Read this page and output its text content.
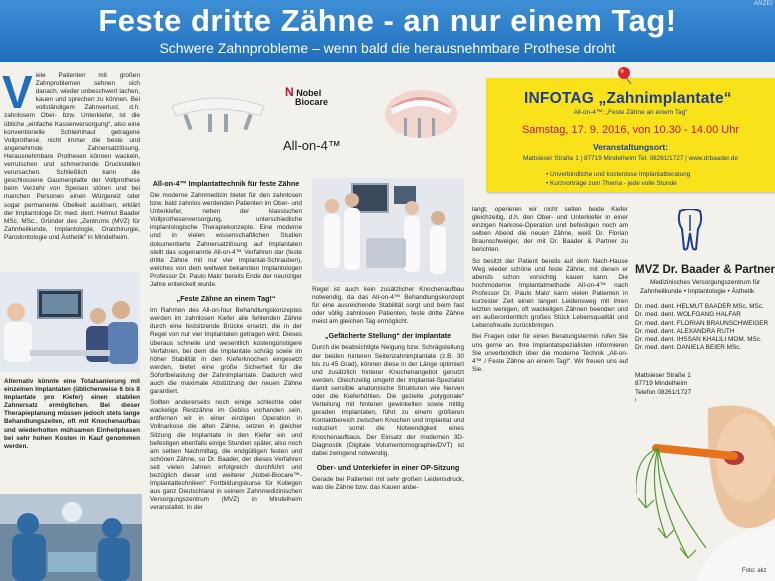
ANZEI
Feste dritte Zähne - an nur einem Tag!
Schwere Zahnprobleme – wenn bald die herausnehmbare Prothese droht
V iele Patienten mit großen Zahnproblemen sehnen sich danach, wieder unbeschwert lachen, kauen und sprechen zu können. Bei vollständigem Zahnverlust, d.h. zahnlosem Ober- bzw. Unterkiefer, ist die übliche „einfache Kassenversorgung“, also eine konventionelle Schleimhaut getragene Vollprothese, nicht immer die beste und angenehmste Zahnersatzlösung. Herausnehmbare Prothesen können wackeln, verrutschen und schmerzende Druckstellen verursachen. Schließlich kann die geschlossene Gaumenplatte der Vollprothese beim Verzehr von Speisen stören und bei manchen Personen einen Würgereiz oder sogar permanente Übelkeit auslösen, erklärt der Implantologe Dr. med. dent. Helmut Baader MSc. MSc., Gründer des „Zentrums (MVZ) für Zahnheilkunde, Implantologie, Oralchirurgie, Parodontologie und Ästhetik“ in Mindelheim.
Alternativ könnte eine Totalsanierung mit einzelnen Implantaten (üblicherweise 6 bis 8 Implantate pro Kiefer) einen stabilen Zahnersatz ermöglichen. Bei dieser Therapieplanung müssen jedoch stets lange Behandlungszeiten, oft mit Knochenaufbau und wiederholten mühsamen Einheilphasen bei sehr hohen Kosten in Kauf genommen werden.
N Nobel
Biocare
All-on-4™
All-on-4™ Implantattechnik für feste Zähne

Die moderne Zahnmedizin bietet für den zahnlosen bzw. bald zahnlos werdenden Patienten im Ober- und Unterkiefer, neben der klassischen Vollprothesenversorgung, unterschiedliche implantologische Therapiekonzepte. Eine moderne und in vielen wissenschaftlichen Studien dokumentierte Zahnersatzlösung auf Implantaten stellt das sogenannte All-on-4™ Verfahren dar (feste dritte Zähne mit nur vier Implantat-Schrauben), welches von dem weltweit bekannten Implantologen Professor Dr. Paulo Malo' bereits Ende der neunziger Jahre entwickelt wurde.

„Feste Zähne an einem Tag!“

Im Rahmen des All-on-four Behandlungskonzeptes werden im zahnlosen Kiefer alle fehlenden Zähne durch eine festsitzende Brücke ersetzt, die in der Regel von nur vier Implantaten getragen wird. Dieses überaus schnelle und wesentlich kostengünstigere Verfahren, bei dem die Implantate schräg sowie im höher Stabilität in den Kieferknochen eingesetzt werden, bietet eine große Sicherheit für die Sofortbelastung der Zahnimplantate. Dadurch wird auch die maximale Abstützung der neuen Zähne garantiert.

Sollten andererseits noch einige schlechte oder wackelige Restzähne im Gebiss vorhanden sein, entfernen wir in einer einzigen Operation in Vollnarkose die alten Zähne, setzen in gleicher Sitzung die Implantate in den Kiefer ein und befestigen ebenfalls einige Stunden später, also noch am selben Nachmittag, die endgültigen festen und schönen Zähne, so Dr. Baader, der dieses Verfahren seit vielen Jahren erfolgreich durchführt und bezüglich dieser und weiterer „Nobel-Biocare™-Implantattechniken“ Fortbildungskurse für Kollegen aus ganz Deutschland in seinem Zahnmedizinischen Versorgungszentrum (MVZ) in Mindelheim veranstaltet. In der

Regel ist auch kein zusätzlicher Knochenaufbau notwendig, da das All-on-4™ Behandlungskonzept für eine ausreichende Stabilität sorgt und beim fast oder völlig zahnlosen Patienten, feste dritte Zähne meist am gleichen Tag ermöglicht.

„Gefächerte Stellung“ der Implantate

Durch die beabsichtigte Neigung bzw. Schrägstellung der beiden hinteren Seitenzahnimplantate (z.B. 30 bis zu 45 Grad), können diese in der Länge optimiert und zusätzlich hinterer Knochenangebot genutzt werden. Gleichzeitig umgeht der Implantat-Spezialist damit sensible anatomische Strukturen wie Nerven oder die Kieferhöhlen. Die gezielte „polygonale“ Verteilung mit hinteren gewinkelten sowie mittig geraden Implantaten, führt zu einem größeren Kontaktbereich zwischen Knochen und Implantat und reduziert somit die Notwendigkeit eines Knochenaufbaus. Der Einsatz der modernen 3D-Diagnostik (Digitale Volumentomographie/DVT) ist dabei zwingend notwendig.

Ober- und Unterkiefer in einer OP-Sitzung

Gerade bei Patienten mit sehr großen Leidensdruck, was die Zähne bzw. das Kauen anbe-

langt, operieren wir nicht selten beide Kiefer gleichzeitig, d.h. den Ober- und Unterkiefer in einer einzigen Narkose-Operation und befestigen noch am selben Abend die neuen Zähne, weiß Dr. Florian Braunschweiger, der mit Dr. Baader & Partner zu berichten.

So besitzt der Patient bereits auf dem Nach-Hause Weg wieder schöne und feste Zähne, mit denen er abends schon vorsichtig kauen kann. Die hochmoderne Implantatmethode All-on-4™ nach Professor Dr. Paulo Malo' kann vielen Patienten in kurzester Zeit einen langen Leidensweg mit ihren letzten wenigen, oft wackeligen Zähnen beenden und ein außerordentlich großes Stück Lebensqualität und Lebensfreude zurückbringen.

Bei Fragen oder für einen Beratungstermin rufen Sie uns gerne an. Ihre Implantatspezialisten informieren Sie unverbindlich über die moderne Technik „All-on-4™ / Feste Zähne an einem Tag!“. Wir freuen uns auf Sie.

INFOTAG „Zahnimplantate“
All-on-4™: „Feste Zähne an einem Tag“
Samstag, 17. 9. 2016, von 10.30 - 14.00 Uhr
Veranstaltungsort:
Mattsieser Straße 1 | 87719 Mindelheim Tel. 08261/1727 | www.drbaader.de
• Unverbindliche und kostenlose Implantatberatung
• Kurzvorträge zum Thema - jede volle Stunde
MVZ Dr. Baader & Partner
Medizinisches Versorgungszentrum für
Zahnheilkunde • Implantologie • Ästhetik
Dr. med. dent. HELMUT BAADER MSc. MSc.
Dr. med. dent. WOLFGANG HALFAR
Dr. med. dent. FLORIAN BRAUNSCHWEIGER
Dr. med. dent. ALEXANDRA RUTH
Dr. med. dent. IHSSAN KHALILI MOM. MSc.
Dr. med. dent. DANIELA BEIER MSc.
Mattsieser Straße 1
87719 Mindelheim
Telefon 08261/1727
Foto: akz
